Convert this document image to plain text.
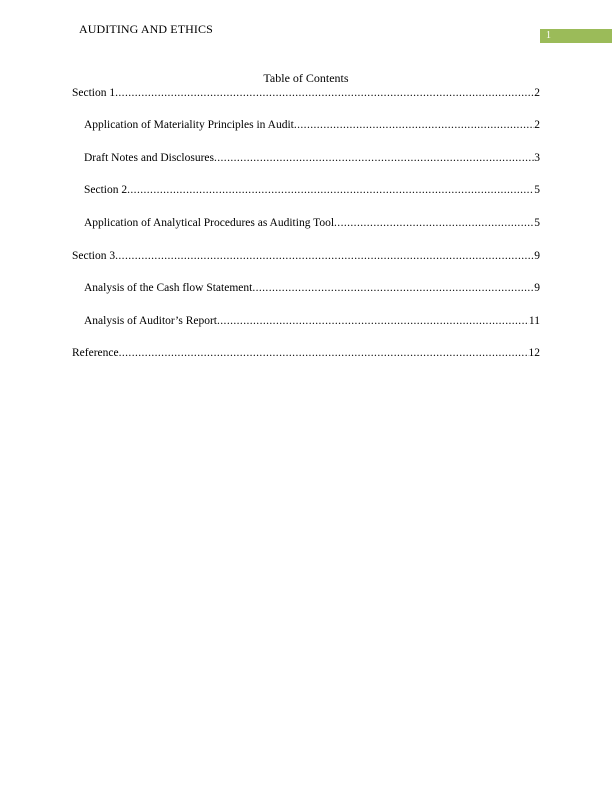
AUDITING AND ETHICS	1
Table of Contents
Section 1 .....	2
Application of Materiality Principles in Audit .....	2
Draft Notes and Disclosures .....	3
Section 2 .....	5
Application of Analytical Procedures as Auditing Tool .....	5
Section 3 .....	9
Analysis of the Cash flow Statement .....	9
Analysis of Auditor’s Report .....	11
Reference .....	12
